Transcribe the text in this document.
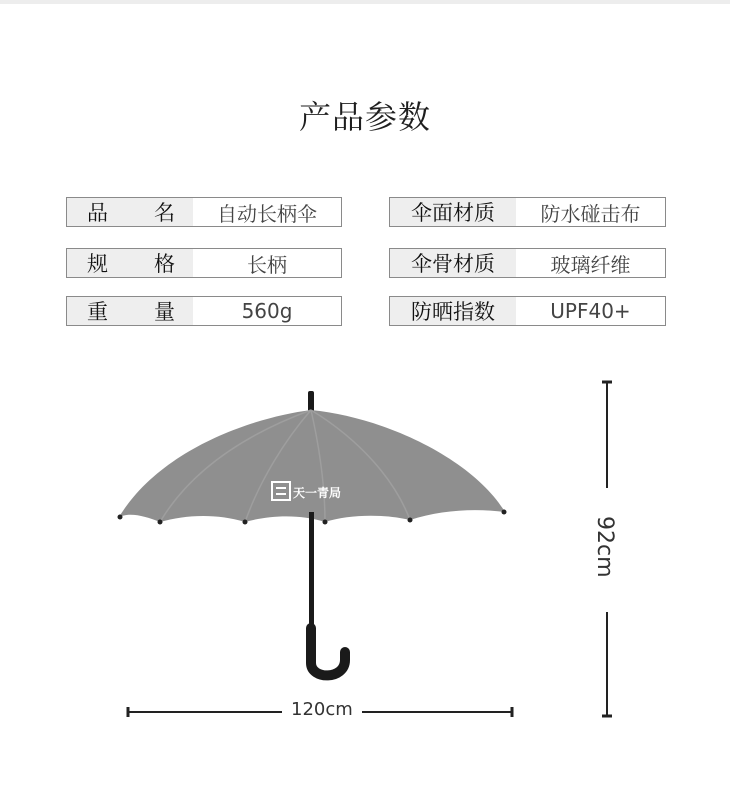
产品参数
品 名	自动长柄伞
规 格	长柄
重 量	560g
伞面材质	防水碰击布
伞骨材质	玻璃纤维
防晒指数	UPF40+
天一青局
92cm
120cm
